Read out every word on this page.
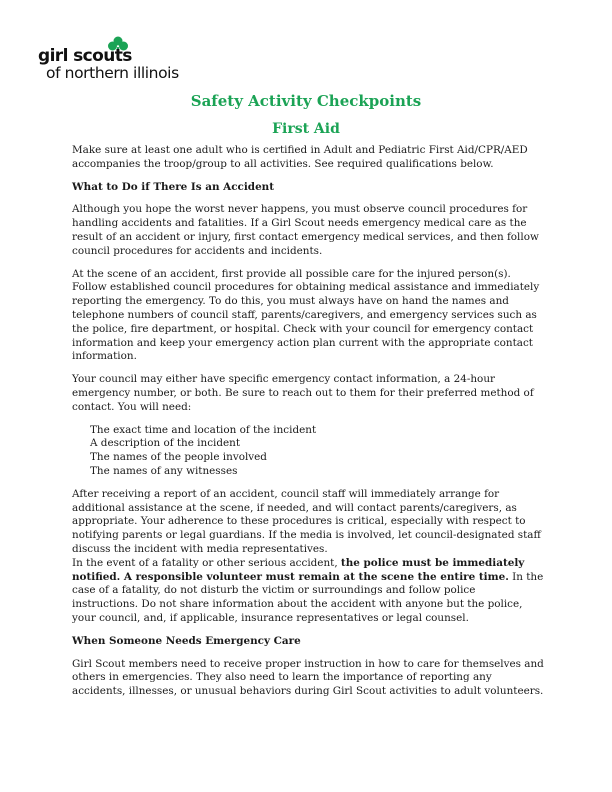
girl scouts
of northern illinois
Safety Activity Checkpoints
First Aid

Make sure at least one adult who is certified in Adult and Pediatric First Aid/CPR/AED accompanies the troop/group to all activities. See required qualifications below.

What to Do if There Is an Accident

Although you hope the worst never happens, you must observe council procedures for handling accidents and fatalities. If a Girl Scout needs emergency medical care as the result of an accident or injury, first contact emergency medical services, and then follow council procedures for accidents and incidents.

At the scene of an accident, first provide all possible care for the injured person(s). Follow established council procedures for obtaining medical assistance and immediately reporting the emergency. To do this, you must always have on hand the names and telephone numbers of council staff, parents/caregivers, and emergency services such as the police, fire department, or hospital. Check with your council for emergency contact information and keep your emergency action plan current with the appropriate contact information.

Your council may either have specific emergency contact information, a 24-hour emergency number, or both. Be sure to reach out to them for their preferred method of contact. You will need:

The exact time and location of the incident
A description of the incident
The names of the people involved
The names of any witnesses

After receiving a report of an accident, council staff will immediately arrange for additional assistance at the scene, if needed, and will contact parents/caregivers, as appropriate. Your adherence to these procedures is critical, especially with respect to notifying parents or legal guardians. If the media is involved, let council-designated staff discuss the incident with media representatives.

In the event of a fatality or other serious accident, the police must be immediately notified. A responsible volunteer must remain at the scene the entire time. In the case of a fatality, do not disturb the victim or surroundings and follow police instructions. Do not share information about the accident with anyone but the police, your council, and, if applicable, insurance representatives or legal counsel.

When Someone Needs Emergency Care

Girl Scout members need to receive proper instruction in how to care for themselves and others in emergencies. They also need to learn the importance of reporting any accidents, illnesses, or unusual behaviors during Girl Scout activities to adult volunteers.
